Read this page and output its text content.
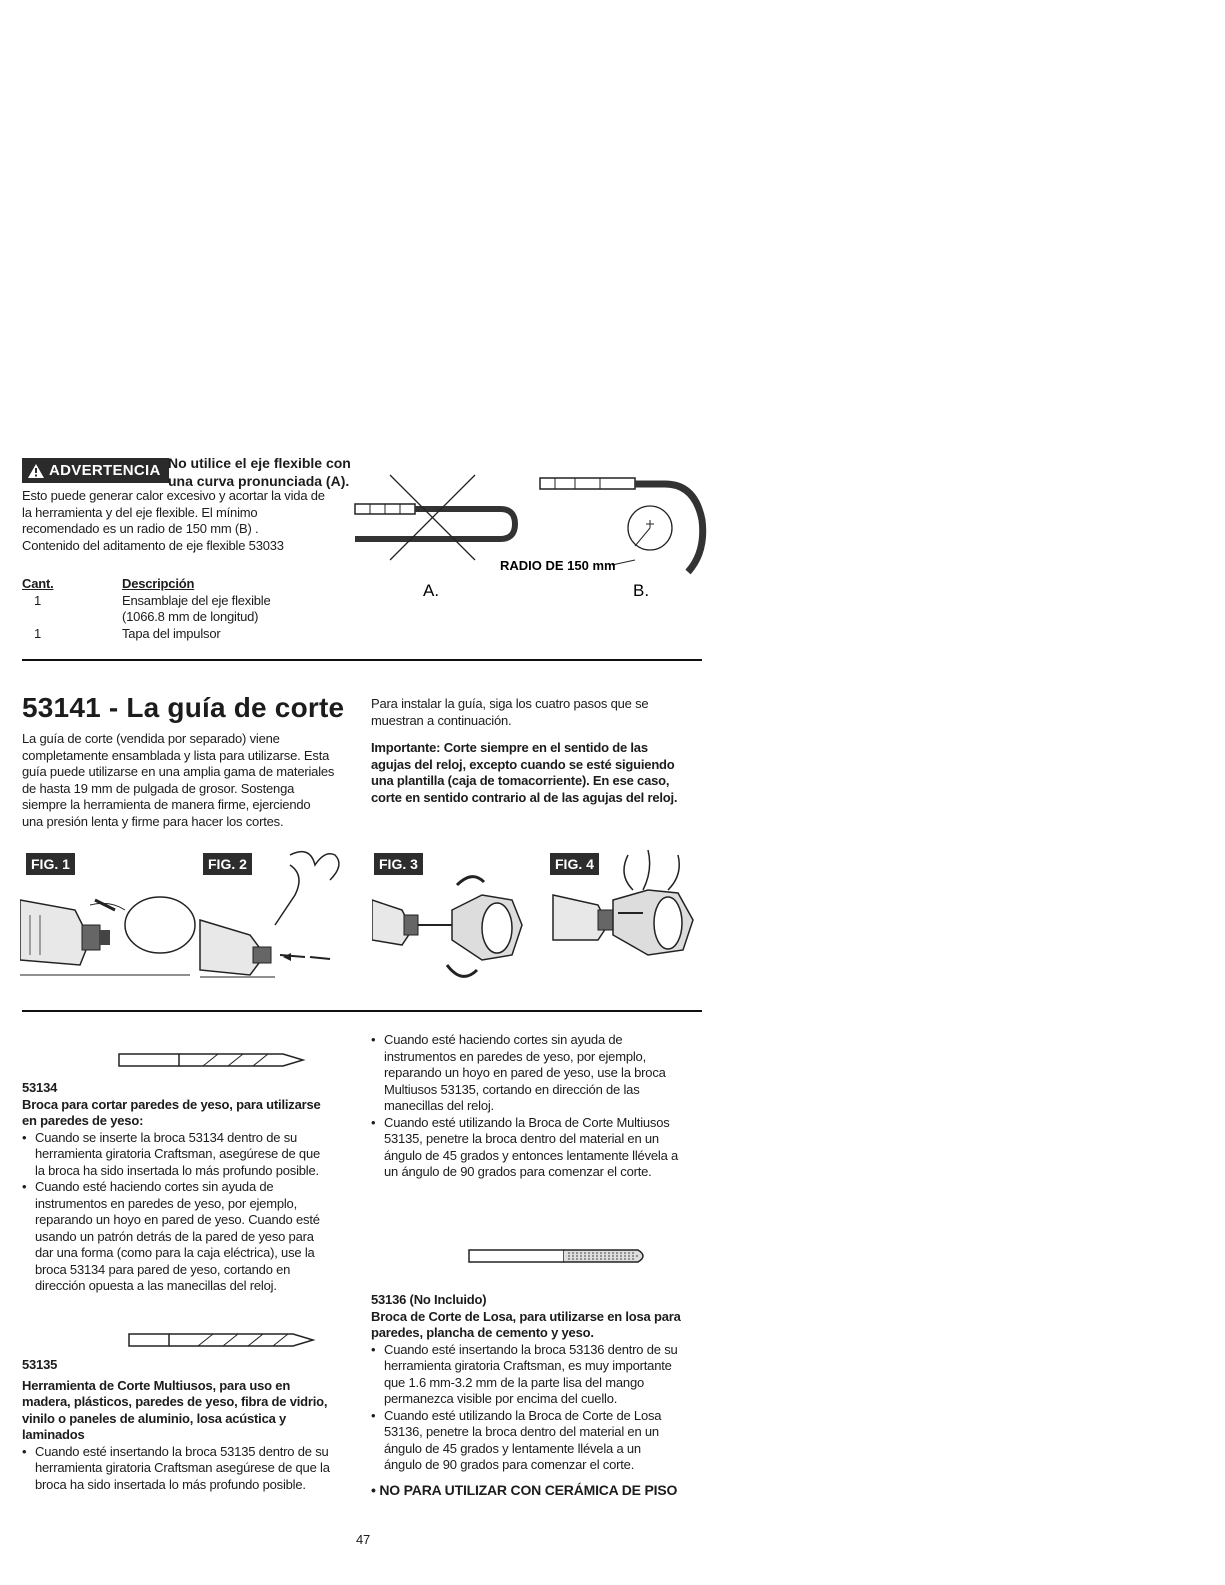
ADVERTENCIA No utilice el eje flexible con
una curva pronunciada (A).
Esto puede generar calor excesivo y acortar la vida de
la herramienta y del eje flexible. El mínimo
recomendado es un radio de 150 mm (B) .
Contenido del aditamento de eje flexible 53033
Cant.	Descripción
1	Ensamblaje del eje flexible
(1066.8 mm de longitud)
1	Tapa del impulsor
RADIO DE 150 mm
A.	B.
53141 - La guía de corte
La guía de corte (vendida por separado) viene
completamente ensamblada y lista para utilizarse. Esta
guía puede utilizarse en una amplia gama de materiales
de hasta 19 mm de pulgada de grosor. Sostenga
siempre la herramienta de manera firme, ejerciendo
una presión lenta y firme para hacer los cortes.
Para instalar la guía, siga los cuatro pasos que se
muestran a continuación.
Importante: Corte siempre en el sentido de las
agujas del reloj, excepto cuando se esté siguiendo
una plantilla (caja de tomacorriente). En ese caso,
corte en sentido contrario al de las agujas del reloj.
FIG. 1	FIG. 2	FIG. 3	FIG. 4
53134
Broca para cortar paredes de yeso, para utilizarse
en paredes de yeso:
• Cuando se inserte la broca 53134 dentro de su
herramienta giratoria Craftsman, asegúrese de que
la broca ha sido insertada lo más profundo posible.
• Cuando esté haciendo cortes sin ayuda de
instrumentos en paredes de yeso, por ejemplo,
reparando un hoyo en pared de yeso. Cuando esté
usando un patrón detrás de la pared de yeso para
dar una forma (como para la caja eléctrica), use la
broca 53134 para pared de yeso, cortando en
dirección opuesta a las manecillas del reloj.
53135
Herramienta de Corte Multiusos, para uso en
madera, plásticos, paredes de yeso, fibra de vidrio,
vinilo o paneles de aluminio, losa acústica y
laminados
• Cuando esté insertando la broca 53135 dentro de su
herramienta giratoria Craftsman asegúrese de que la
broca ha sido insertada lo más profundo posible.
• Cuando esté haciendo cortes sin ayuda de
instrumentos en paredes de yeso, por ejemplo,
reparando un hoyo en pared de yeso, use la broca
Multiusos 53135, cortando en dirección de las
manecillas del reloj.
• Cuando esté utilizando la Broca de Corte Multiusos
53135, penetre la broca dentro del material en un
ángulo de 45 grados y entonces lentamente llévela a
un ángulo de 90 grados para comenzar el corte.
53136 (No Incluido)
Broca de Corte de Losa, para utilizarse en losa para
paredes, plancha de cemento y yeso.
• Cuando esté insertando la broca 53136 dentro de su
herramienta giratoria Craftsman, es muy importante
que 1.6 mm-3.2 mm de la parte lisa del mango
permanezca visible por encima del cuello.
• Cuando esté utilizando la Broca de Corte de Losa
53136, penetre la broca dentro del material en un
ángulo de 45 grados y lentamente llévela a un
ángulo de 90 grados para comenzar el corte.
• NO PARA UTILIZAR CON CERÁMICA DE PISO
47
